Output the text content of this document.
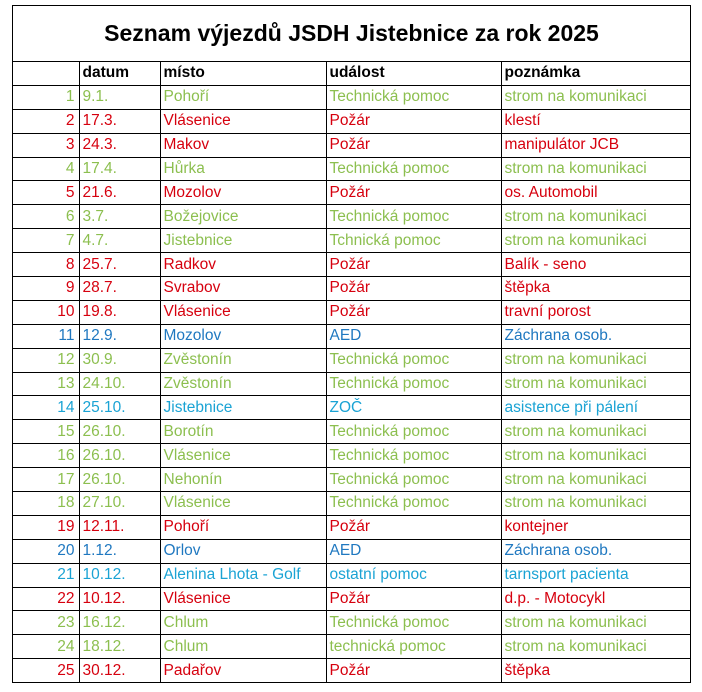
Seznam výjezdů JSDH Jistebnice za rok 2025
	datum	místo	událost	poznámka
1	9.1.	Pohoří	Technická pomoc	strom na komunikaci
2	17.3.	Vlásenice	Požár	klestí
3	24.3.	Makov	Požár	manipulátor JCB
4	17.4.	Hůrka	Technická pomoc	strom na komunikaci
5	21.6.	Mozolov	Požár	os. Automobil
6	3.7.	Božejovice	Technická pomoc	strom na komunikaci
7	4.7.	Jistebnice	Tchnická pomoc	strom na komunikaci
8	25.7.	Radkov	Požár	Balík - seno
9	28.7.	Svrabov	Požár	štěpka
10	19.8.	Vlásenice	Požár	travní porost
11	12.9.	Mozolov	AED	Záchrana osob.
12	30.9.	Zvěstonín	Technická pomoc	strom na komunikaci
13	24.10.	Zvěstonín	Technická pomoc	strom na komunikaci
14	25.10.	Jistebnice	ZOČ	asistence při pálení
15	26.10.	Borotín	Technická pomoc	strom na komunikaci
16	26.10.	Vlásenice	Technická pomoc	strom na komunikaci
17	26.10.	Nehonín	Technická pomoc	strom na komunikaci
18	27.10.	Vlásenice	Technická pomoc	strom na komunikaci
19	12.11.	Pohoří	Požár	kontejner
20	1.12.	Orlov	AED	Záchrana osob.
21	10.12.	Alenina Lhota - Golf	ostatní pomoc	tarnsport pacienta
22	10.12.	Vlásenice	Požár	d.p. - Motocykl
23	16.12.	Chlum	Technická pomoc	strom na komunikaci
24	18.12.	Chlum	technická pomoc	strom na komunikaci
25	30.12.	Padařov	Požár	štěpka
